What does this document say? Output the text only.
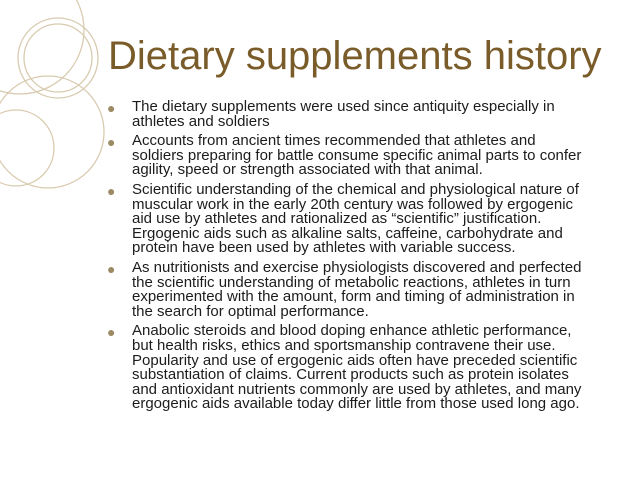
Dietary supplements history
● The dietary supplements were used since antiquity especially in
athletes and soldiers
● Accounts from ancient times recommended that athletes and
soldiers preparing for battle consume specific animal parts to confer
agility, speed or strength associated with that animal.
● Scientific understanding of the chemical and physiological nature of
muscular work in the early 20th century was followed by ergogenic
aid use by athletes and rationalized as “scientific” justification.
Ergogenic aids such as alkaline salts, caffeine, carbohydrate and
protein have been used by athletes with variable success.
● As nutritionists and exercise physiologists discovered and perfected
the scientific understanding of metabolic reactions, athletes in turn
experimented with the amount, form and timing of administration in
the search for optimal performance.
● Anabolic steroids and blood doping enhance athletic performance,
but health risks, ethics and sportsmanship contravene their use.
Popularity and use of ergogenic aids often have preceded scientific
substantiation of claims. Current products such as protein isolates
and antioxidant nutrients commonly are used by athletes, and many
ergogenic aids available today differ little from those used long ago.
